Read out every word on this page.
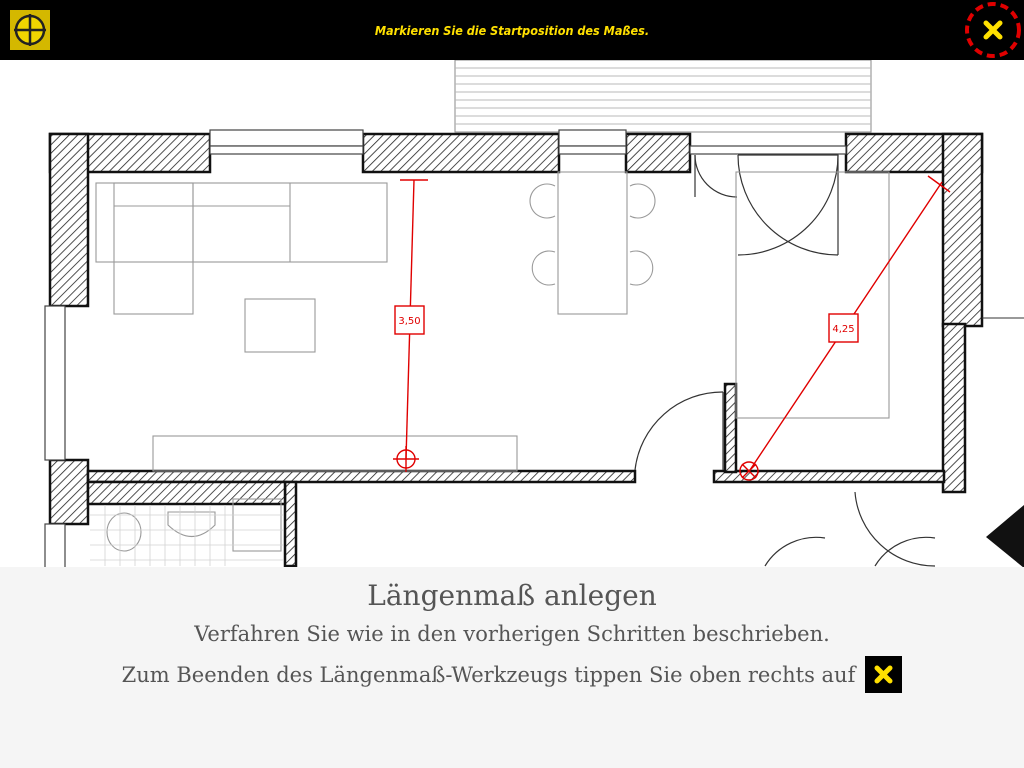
Markieren Sie die Startposition des Maßes.
3,50
4,25
Längenmaß anlegen
Verfahren Sie wie in den vorherigen Schritten beschrieben.
Zum Beenden des Längenmaß-Werkzeugs tippen Sie oben rechts auf
